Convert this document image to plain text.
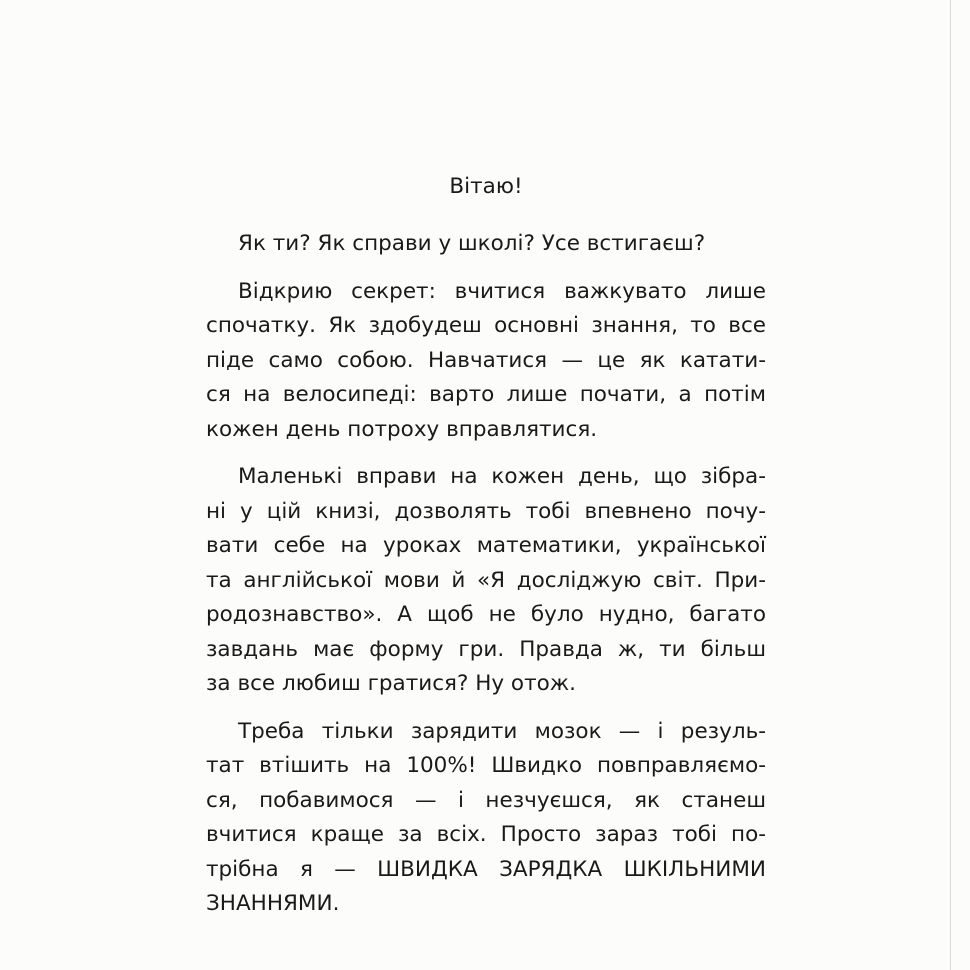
Вітаю!

Як ти? Як справи у школі? Усе встигаєш?
Відкрию секрет: вчитися важкувато лише
спочатку. Як здобудеш основні знання, то все
піде само собою. Навчатися — це як катати-
ся на велосипеді: варто лише почати, а потім
кожен день потроху вправлятися.
Маленькі вправи на кожен день, що зібра-
ні у цій книзі, дозволять тобі впевнено почу-
вати себе на уроках математики, української
та англійської мови й «Я досліджую світ. При-
родознавство». А щоб не було нудно, багато
завдань має форму гри. Правда ж, ти більш
за все любиш гратися? Ну отож.
Треба тільки зарядити мозок — і резуль-
тат втішить на 100%! Швидко повправляємо-
ся, побавимося — і незчуєшся, як станеш
вчитися краще за всіх. Просто зараз тобі по-
трібна я — ШВИДКА ЗАРЯДКА ШКІЛЬНИМИ
ЗНАННЯМИ.
